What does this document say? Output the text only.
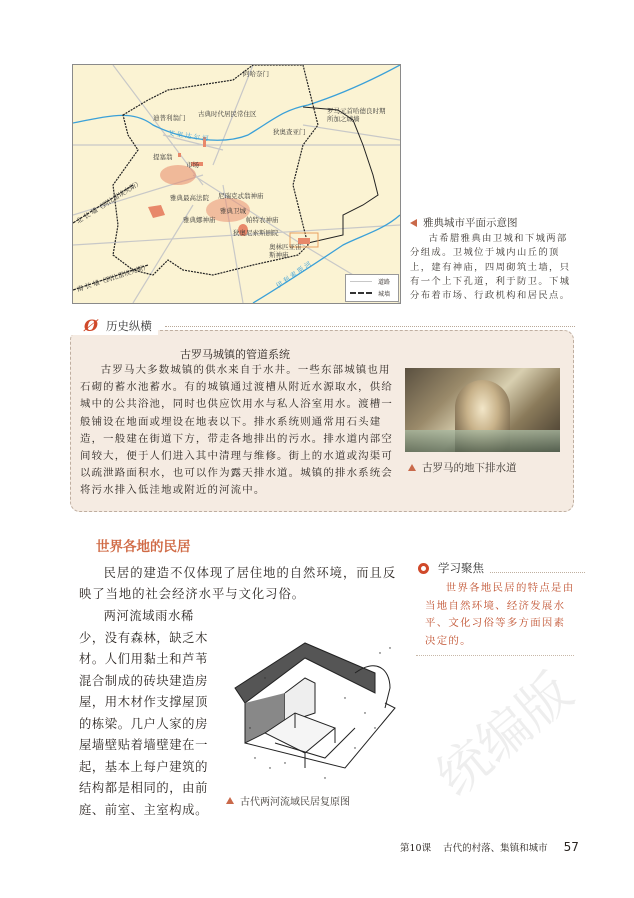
阿哈奈门
迪普利翁门 古典时代居民常住区	罗马元首哈德良时期所加之城墙
狄奥查亚门
提塞翁
市场
雅典最高法院 尼瑞克忒翁神庙
雅典卫城
帕特农神庙
雅典娜神庙
狄奥尼索斯剧院
奥林匹亚宙斯神庙
艾 里 达 尔 河
伊 利 索 斯 河
北 长 墙（到比雷埃夫斯）
南 长 墙（到比雷埃夫斯）	道路
城墙
雅典城市平面示意图
古希腊雅典由卫城和下城两部分组成。卫城位于城内山丘的顶上，建有神庙，四周砌筑土墙，只有一个上下孔道，利于防卫。下城分布着市场、行政机构和居民点。
Ø 历史纵横
古罗马城镇的管道系统
古罗马大多数城镇的供水来自于水井。一些东部城镇也用石砌的蓄水池蓄水。有的城镇通过渡槽从附近水源取水，供给城中的公共浴池，同时也供应饮用水与私人浴室用水。渡槽一般铺设在地面或埋设在地表以下。排水系统则通常用石头建造，一般建在街道下方，带走各地排出的污水。排水道内部空间较大，便于人们进入其中清理与维修。街上的水道或沟渠可以疏泄路面积水，也可以作为露天排水道。城镇的排水系统会将污水排入低洼地或附近的河流中。
古罗马的地下排水道
世界各地的民居
民居的建造不仅体现了居住地的自然环境，而且反映了当地的社会经济水平与文化习俗。
两河流域雨水稀少，没有森林，缺乏木材。人们用黏土和芦苇混合制成的砖块建造房屋，用木材作支撑屋顶的栋梁。几户人家的房屋墙壁贴着墙壁建在一起，基本上每户建筑的结构都是相同的，由前庭、前室、主室构成。
学习聚焦
世界各地民居的特点是由当地自然环境、经济发展水平、文化习俗等多方面因素决定的。
统编版
古代两河流域民居复原图
第10课 古代的村落、集镇和城市 57
